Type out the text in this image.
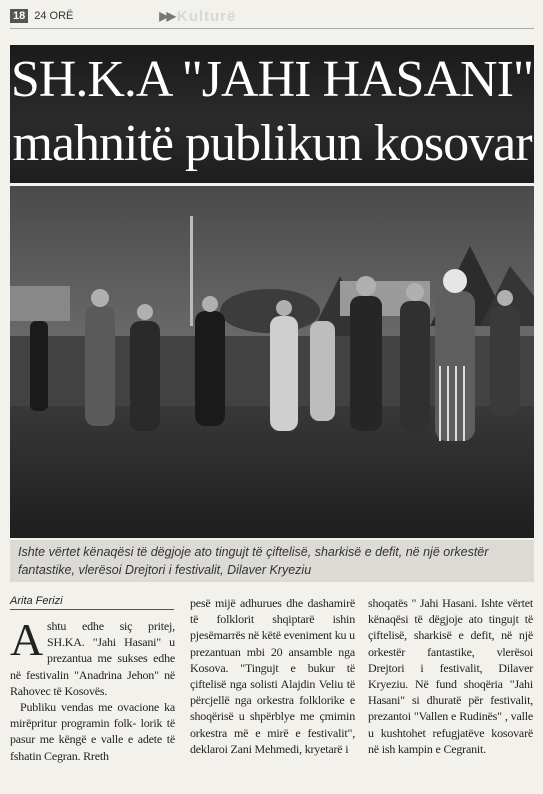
18 24 ORË	▶▶ Kulturë
SH.K.A "JAHI HASANI"
mahnitë publikun kosovar
Ishte vërtet kënaqësi të dëgjoje ato tingujt të çiftelisë, sharkisë e defit, në një orkestër fantastike, vlerësoi Drejtori i festivalit, Dilaver Kryeziu
Arita Ferizi

Ashtu edhe siç pritej, SH.KA. "Jahi Hasani" u prezantua me sukses edhe në festivalin "Anadrina Jehon" në Rahovec të Kosovës.

Publiku vendas me ovacione ka mirëpritur programin folk- lorik të pasur me këngë e valle e adete të fshatin Cegran. Rreth

pesë mijë adhurues dhe dashamirë të folklorit shqiptarë ishin pjesëmarrës në këtë eveniment ku u prezantuan mbi 20 ansamble nga Kosova. "Tingujt e bukur të çiftelisë nga solisti Alajdin Veliu të përcjellë nga orkestra folklorike e shoqërisë u shpërblye me çmimin orkestra më e mirë e festivalit", deklaroi Zani Mehmedi, kryetarë i

shoqatës " Jahi Hasani. Ishte vërtet kënaqësi të dëgjoje ato tingujt të çiftelisë, sharkisë e defit, në një orkestër fantastike, vlerësoi Drejtori i festivalit, Dilaver Kryeziu. Në fund shoqëria "Jahi Hasani" si dhuratë për festivalit, prezantoi "Vallen e Rudinës" , valle u kushtohet refugjatëve kosovarë në ish kampin e Cegranit.
